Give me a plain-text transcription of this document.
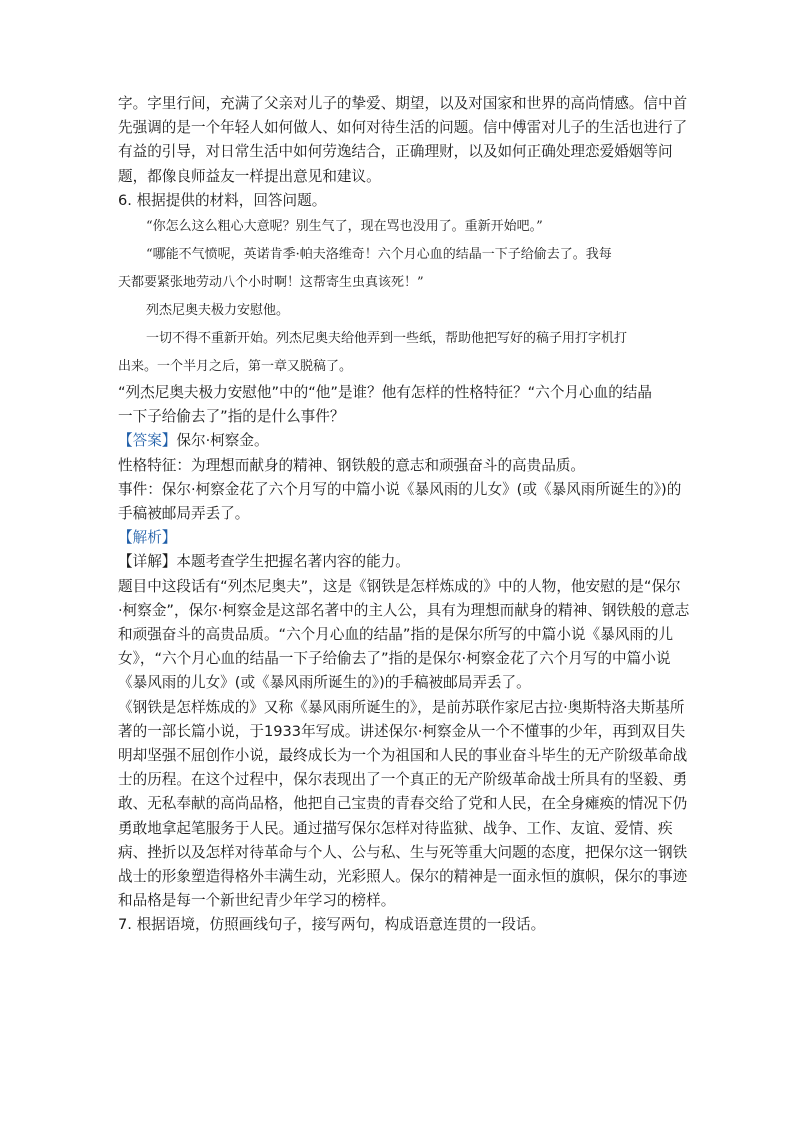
字。字里行间，充满了父亲对儿子的挚爱、期望，以及对国家和世界的高尚情感。信中首

先强调的是一个年轻人如何做人、如何对待生活的问题。信中傅雷对儿子的生活也进行了

有益的引导，对日常生活中如何劳逸结合，正确理财，以及如何正确处理恋爱婚姻等问

题，都像良师益友一样提出意见和建议。

6. 根据提供的材料，回答问题。

“你怎么这么粗心大意呢？别生气了，现在骂也没用了。重新开始吧。”
“哪能不气愤呢，英诺肯季·帕夫洛维奇！六个月心血的结晶一下子给偷去了。我每
天都要紧张地劳动八个小时啊！这帮寄生虫真该死！”
列杰尼奥夫极力安慰他。
一切不得不重新开始。列杰尼奥夫给他弄到一些纸，帮助他把写好的稿子用打字机打
出来。一个半月之后，第一章又脱稿了。

“列杰尼奥夫极力安慰他”中的“他”是谁？他有怎样的性格特征？“六个月心血的结晶

一下子给偷去了”指的是什么事件？

【答案】保尔·柯察金。

性格特征：为理想而献身的精神、钢铁般的意志和顽强奋斗的高贵品质。

事件：保尔·柯察金花了六个月写的中篇小说《暴风雨的儿女》(或《暴风雨所诞生的》)的

手稿被邮局弄丢了。

【解析】

【详解】本题考查学生把握名著内容的能力。

题目中这段话有“列杰尼奥夫”，这是《钢铁是怎样炼成的》中的人物，他安慰的是“保尔

·柯察金”，保尔·柯察金是这部名著中的主人公，具有为理想而献身的精神、钢铁般的意志

和顽强奋斗的高贵品质。“六个月心血的结晶”指的是保尔所写的中篇小说《暴风雨的儿

女》，“六个月心血的结晶一下子给偷去了”指的是保尔·柯察金花了六个月写的中篇小说

《暴风雨的儿女》(或《暴风雨所诞生的》)的手稿被邮局弄丢了。

《钢铁是怎样炼成的》又称《暴风雨所诞生的》，是前苏联作家尼古拉·奥斯特洛夫斯基所

著的一部长篇小说，于1933年写成。讲述保尔·柯察金从一个不懂事的少年，再到双目失

明却坚强不屈创作小说，最终成长为一个为祖国和人民的事业奋斗毕生的无产阶级革命战

士的历程。在这个过程中，保尔表现出了一个真正的无产阶级革命战士所具有的坚毅、勇

敢、无私奉献的高尚品格，他把自己宝贵的青春交给了党和人民，在全身瘫痪的情况下仍

勇敢地拿起笔服务于人民。通过描写保尔怎样对待监狱、战争、工作、友谊、爱情、疾

病、挫折以及怎样对待革命与个人、公与私、生与死等重大问题的态度，把保尔这一钢铁

战士的形象塑造得格外丰满生动，光彩照人。保尔的精神是一面永恒的旗帜，保尔的事迹

和品格是每一个新世纪青少年学习的榜样。

7. 根据语境，仿照画线句子，接写两句，构成语意连贯的一段话。
